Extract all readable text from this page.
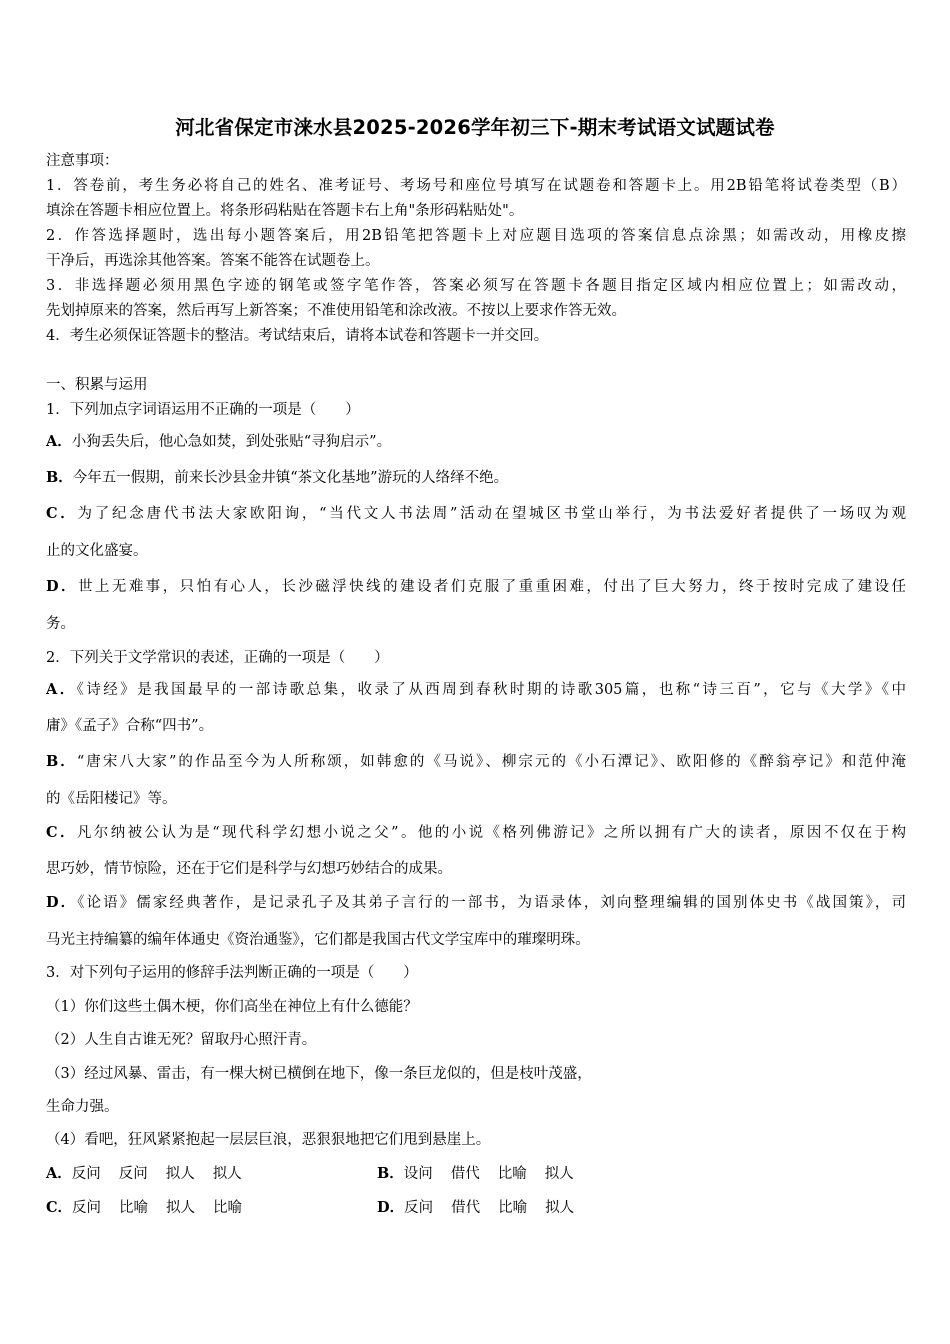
河北省保定市涞水县2025-2026学年初三下-期末考试语文试题试卷
注意事项：
1．答卷前，考生务必将自己的姓名、准考证号、考场号和座位号填写在试题卷和答题卡上。用2B铅笔将试卷类型（B）
填涂在答题卡相应位置上。将条形码粘贴在答题卡右上角"条形码粘贴处"。
2．作答选择题时，选出每小题答案后，用2B铅笔把答题卡上对应题目选项的答案信息点涂黑；如需改动，用橡皮擦
干净后，再选涂其他答案。答案不能答在试题卷上。
3．非选择题必须用黑色字迹的钢笔或签字笔作答，答案必须写在答题卡各题目指定区域内相应位置上；如需改动，
先划掉原来的答案，然后再写上新答案；不准使用铅笔和涂改液。不按以上要求作答无效。
4．考生必须保证答题卡的整洁。考试结束后，请将本试卷和答题卡一并交回。
一、积累与运用
1．下列加点字词语运用不正确的一项是（　　）
A．小狗丢失后，他心急如焚，到处张贴“寻狗启示”。
B．今年五一假期，前来长沙县金井镇“茶文化基地”游玩的人络绎不绝。
C．为了纪念唐代书法大家欧阳询，“当代文人书法周”活动在望城区书堂山举行，为书法爱好者提供了一场叹为观
止的文化盛宴。
D．世上无难事，只怕有心人，长沙磁浮快线的建设者们克服了重重困难，付出了巨大努力，终于按时完成了建设任
务。
2．下列关于文学常识的表述，正确的一项是（　　）
A．《诗经》是我国最早的一部诗歌总集，收录了从西周到春秋时期的诗歌305篇，也称“诗三百”，它与《大学》《中
庸》《孟子》合称“四书”。
B．“唐宋八大家”的作品至今为人所称颂，如韩愈的《马说》、柳宗元的《小石潭记》、欧阳修的《醉翁亭记》和范仲淹
的《岳阳楼记》等。
C．凡尔纳被公认为是“现代科学幻想小说之父”。他的小说《格列佛游记》之所以拥有广大的读者，原因不仅在于构
思巧妙，情节惊险，还在于它们是科学与幻想巧妙结合的成果。
D．《论语》儒家经典著作，是记录孔子及其弟子言行的一部书，为语录体，刘向整理编辑的国别体史书《战国策》，司
马光主持编纂的编年体通史《资治通鉴》，它们都是我国古代文学宝库中的璀璨明珠。
3．对下列句子运用的修辞手法判断正确的一项是（　　）
（1）你们这些土偶木梗，你们高坐在神位上有什么德能？
（2）人生自古谁无死？留取丹心照汗青。
（3）经过风暴、雷击，有一棵大树已横倒在地下，像一条巨龙似的，但是枝叶茂盛，
生命力强。
（4）看吧，狂风紧紧抱起一层层巨浪，恶狠狠地把它们甩到悬崖上。
A．反问 反问 拟人 拟人	B．设问 借代 比喻 拟人
C．反问 比喻 拟人 比喻	D．反问 借代 比喻 拟人
